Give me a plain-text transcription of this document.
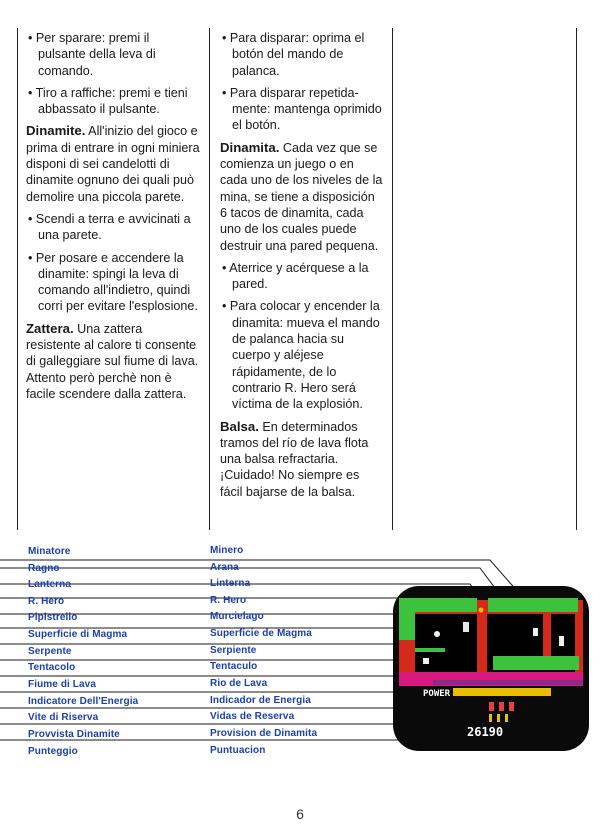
• Per sparare: premi il pulsante della leva di comando.

• Tiro a raffiche: premi e tieni abbassato il pulsante.

Dinamite. All'inizio del gioco e prima di entrare in ogni miniera disponi di sei candelotti di dinamite ognuno dei quali può demolire una piccola parete.

• Scendi a terra e avvicinati a una parete.

• Per posare e accendere la dinamite: spingi la leva di comando all'indietro, quindi corri per evitare l'esplosione.

Zattera. Una zattera resistente al calore ti consente di galleggiare sul fiume di lava. Attento però perchè non è facile scendere dalla zattera.

• Para disparar: oprima el botón del mando de palanca.

• Para disparar repetida-mente: mantenga oprimido el botón.

Dinamita. Cada vez que se comienza un juego o en cada uno de los niveles de la mina, se tiene a disposición 6 tacos de dinamita, cada uno de los cuales puede destruir una pared pequena.

• Aterrice y acérquese a la pared.

• Para colocar y encender la dinamita: mueva el mando de palanca hacia su cuerpo y aléjese rápidamente, de lo contrario R. Hero será víctima de la explosión.

Balsa. En determinados tramos del río de lava flota una balsa refractaria. ¡Cuidado! No siempre es fácil bajarse de la balsa.

Minatore
Ragno
Lanterna
R. Hero
Pipistrello
Superficie di Magma
Serpente
Tentacolo
Fiume di Lava
Indicatore Dell'Energia
Vite di Riserva
Provvista Dinamite
Punteggio
Minero
Arana
Linterna
R. Hero
Murcielago
Superficie de Magma
Serpiente
Tentaculo
Rio de Lava
Indicador de Energia
Vidas de Reserva
Provision de Dinamita
Puntuacion
POWER
26190
6
